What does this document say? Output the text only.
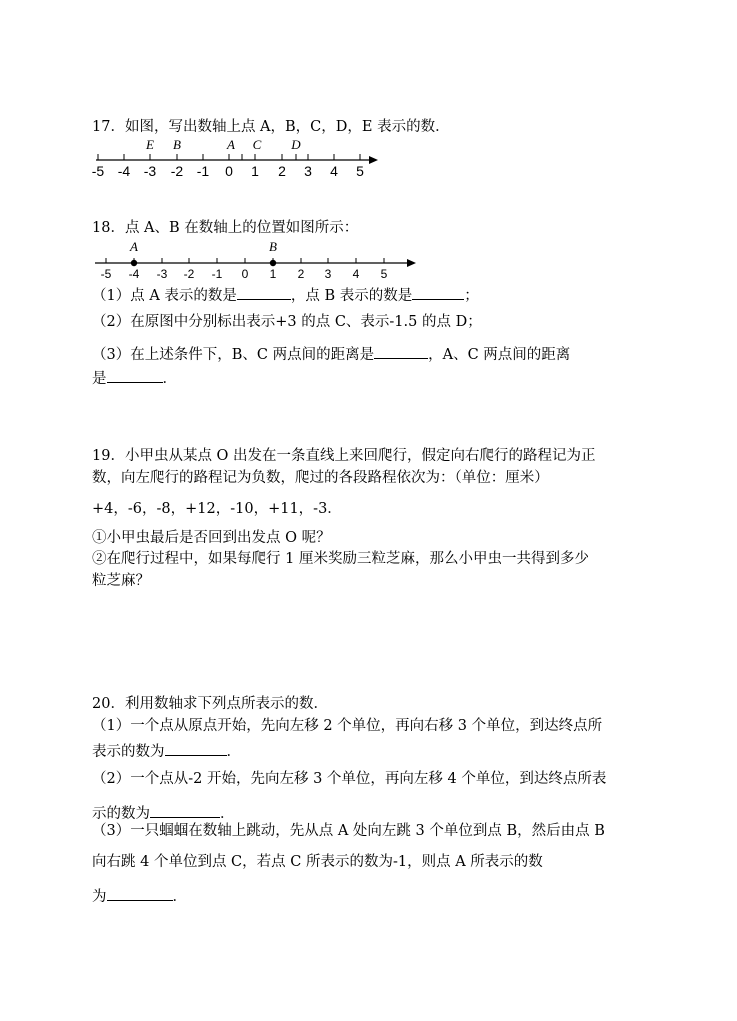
17．如图，写出数轴上点 A，B，C，D，E 表示的数．
E B	A C D
-5 -4 -3 -2 -1 0 1 2 3 4 5
18．点 A、B 在数轴上的位置如图所示：
A	B
-5 -4 -3 -2 -1 0 1 2 3 4 5
（1）点 A 表示的数是	，点 B 表示的数是	；
（2）在原图中分别标出表示+3 的点 C、表示-1.5 的点 D；
（3）在上述条件下，B、C 两点间的距离是	，A、C 两点间的距离
是	．
19．小甲虫从某点 O 出发在一条直线上来回爬行，假定向右爬行的路程记为正
数，向左爬行的路程记为负数，爬过的各段路程依次为：（单位：厘米）
+4，-6，-8，+12，-10，+11，-3．
①小甲虫最后是否回到出发点 O 呢？
②在爬行过程中，如果每爬行 1 厘米奖励三粒芝麻，那么小甲虫一共得到多少
粒芝麻？
20．利用数轴求下列点所表示的数．
（1）一个点从原点开始，先向左移 2 个单位，再向右移 3 个单位，到达终点所
表示的数为	．
（2）一个点从-2 开始，先向左移 3 个单位，再向左移 4 个单位，到达终点所表
示的数为	．
（3）一只蝈蝈在数轴上跳动，先从点 A 处向左跳 3 个单位到点 B，然后由点 B
向右跳 4 个单位到点 C，若点 C 所表示的数为-1，则点 A 所表示的数
为	．
